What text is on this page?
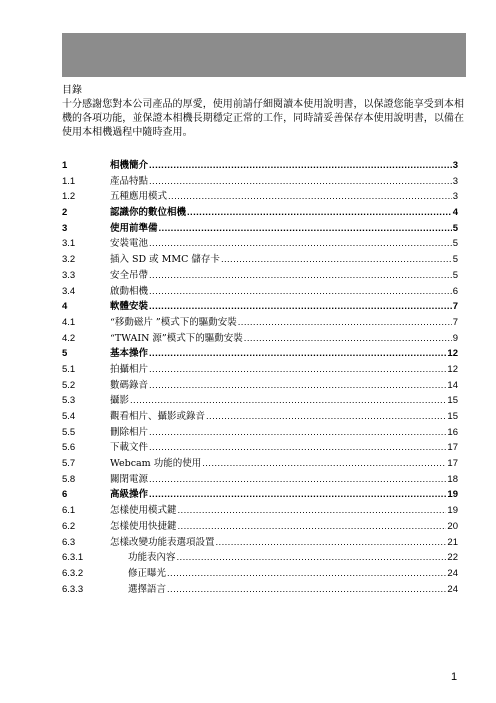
目錄
十分感謝您對本公司產品的厚愛，使用前請仔細閱讀本使用說明書，以保證您能享受到本相機的各項功能，並保證本相機長期穩定正常的工作，同時請妥善保存本使用說明書，以備在使用本相機過程中隨時查用。
1	相機簡介 .....	3
1.1	產品特點 .....	3
1.2	五種應用模式 .....	3
2	認識你的數位相機 .....	4
3	使用前準備 .....	5
3.1	安裝電池 .....	5
3.2	插入 SD 或 MMC 儲存卡 .....	5
3.3	安全吊帶 .....	5
3.4	啟動相機 .....	6
4	軟體安裝 .....	7
4.1	“移動磁片 ”模式下的驅動安裝 .....	7
4.2	“TWAIN 源”模式下的驅動安裝 .....	9
5	基本操作 .....	12
5.1	拍攝相片 .....	12
5.2	數碼錄音 .....	14
5.3	攝影 .....	15
5.4	觀看相片、攝影或錄音 .....	15
5.5	刪除相片 .....	16
5.6	下載文件 .....	17
5.7	Webcam 功能的使用 .....	17
5.8	關閉電源 .....	18
6	高級操作 .....	19
6.1	怎樣使用模式鍵 .....	19
6.2	怎樣使用快捷鍵 .....	20
6.3	怎樣改變功能表選項設置 .....	21
6.3.1	功能表內容 .....	22
6.3.2	修正曝光 .....	24
6.3.3	選擇語言 .....	24
1
